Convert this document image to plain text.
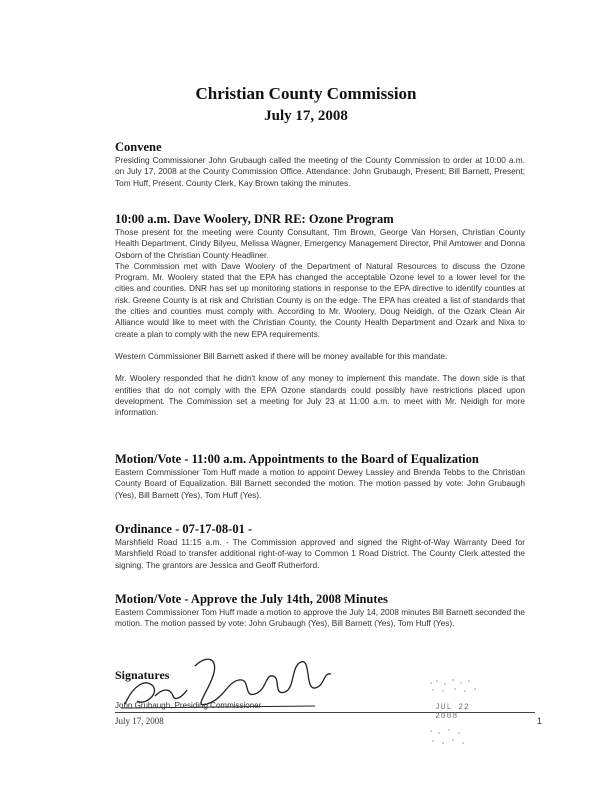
Christian County Commission
July 17, 2008
Convene

Presiding Commissioner John Grubaugh called the meeting of the County Commission to order at 10:00 a.m. on July 17, 2008 at the County Commission Office. Attendance: John Grubaugh, Present; Bill Barnett, Present; Tom Huff, Present. County Clerk, Kay Brown taking the minutes.

10:00 a.m. Dave Woolery, DNR RE: Ozone Program

Those present for the meeting were County Consultant, Tim Brown, George Van Horsen, Christian County Health Department, Cindy Bilyeu, Melissa Wagner, Emergency Management Director, Phil Amtower and Donna Osborn of the Christian County Headliner.

The Commission met with Dave Woolery of the Department of Natural Resources to discuss the Ozone Program. Mr. Woolery stated that the EPA has changed the acceptable Ozone level to a lower level for the cities and counties. DNR has set up monitoring stations in response to the EPA directive to identify counties at risk. Greene County is at risk and Christian County is on the edge. The EPA has created a list of standards that the cities and counties must comply with. According to Mr. Woolery, Doug Neidigh, of the Ozark Clean Air Alliance would like to meet with the Christian County, the County Health Department and Ozark and Nixa to create a plan to comply with the new EPA requirements.

Western Commissioner Bill Barnett asked if there will be money available for this mandate.

Mr. Woolery responded that he didn't know of any money to implement this mandate. The down side is that entities that do not comply with the EPA Ozone standards could possibly have restrictions placed upon development. The Commission set a meeting for July 23 at 11:00 a.m. to meet with Mr. Neidigh for more information.

Motion/Vote - 11:00 a.m. Appointments to the Board of Equalization

Eastern Commissioner Tom Huff made a motion to appoint Dewey Lassley and Brenda Tebbs to the Christian County Board of Equalization. Bill Barnett seconded the motion. The motion passed by vote: John Grubaugh (Yes), Bill Barnett (Yes), Tom Huff (Yes).

Ordinance - 07-17-08-01 -

Marshfield Road 11:15 a.m. - The Commission approved and signed the Right-of-Way Warranty Deed for Marshfield Road to transfer additional right-of-way to Common 1 Road District. The County Clerk attested the signing. The grantors are Jessica and Geoff Rutherford.

Motion/Vote - Approve the July 14th, 2008 Minutes

Eastern Commissioner Tom Huff made a motion to approve the July 14, 2008 minutes Bill Barnett seconded the motion. The motion passed by vote: John Grubaugh (Yes), Bill Barnett (Yes), Tom Huff (Yes).

Signatures
John Grubaugh, Presiding Commissioner
July 17, 2008
JUL 22 2008	1
